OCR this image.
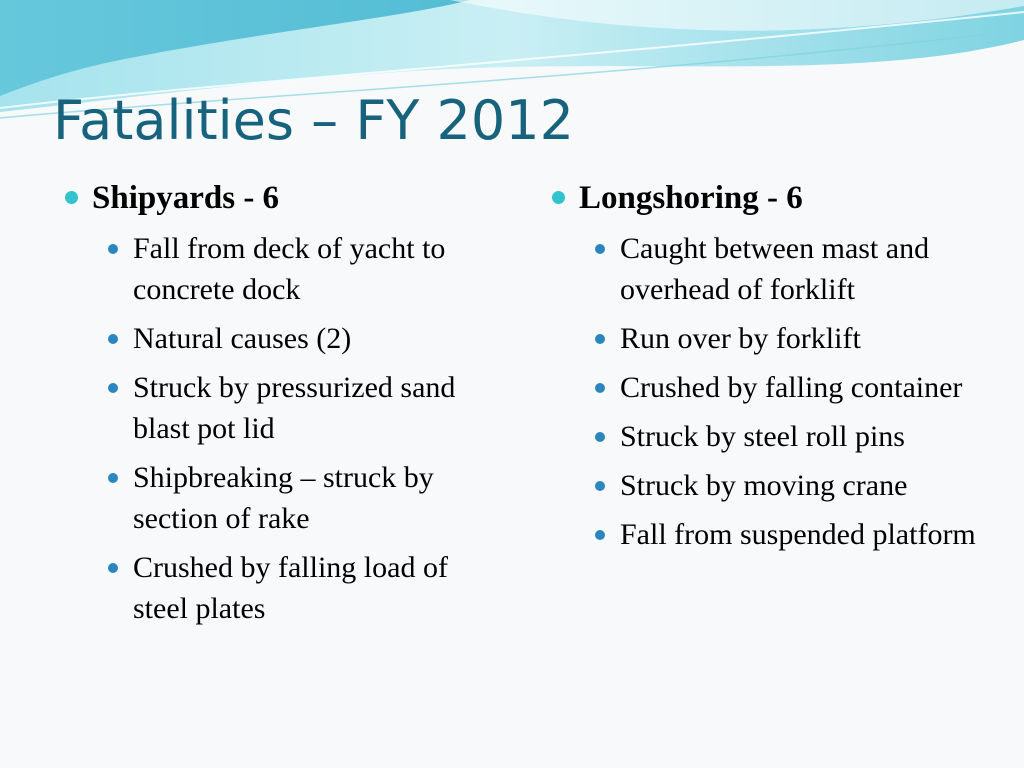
Fatalities – FY 2012
Shipyards - 6
Fall from deck of yacht to concrete dock
Natural causes (2)
Struck by pressurized sand blast pot lid
Shipbreaking – struck by section of rake
Crushed by falling load of steel plates
Longshoring - 6
Caught between mast and overhead of forklift
Run over by forklift
Crushed by falling container
Struck by steel roll pins
Struck by moving crane
Fall from suspended platform
